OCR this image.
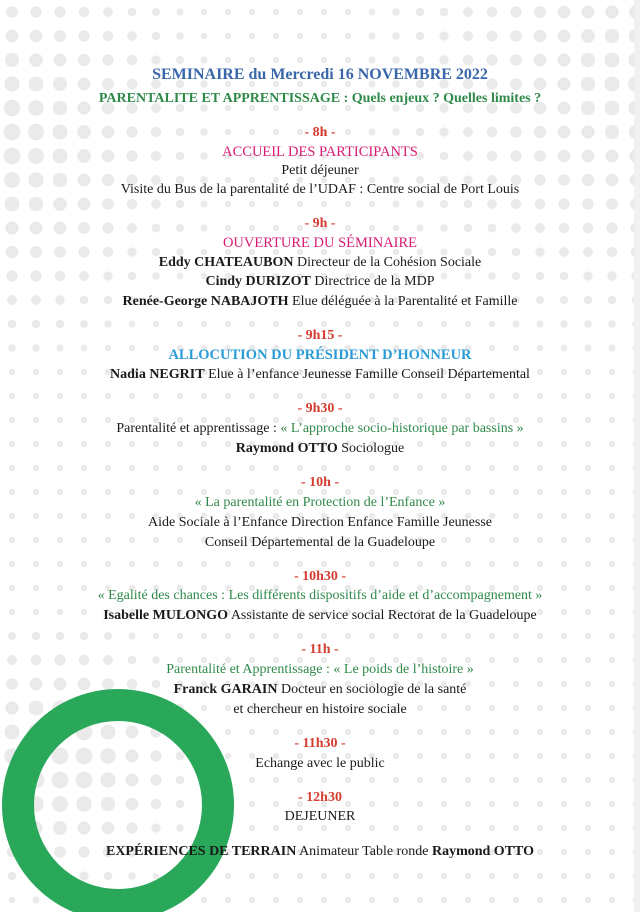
SEMINAIRE du Mercredi 16 NOVEMBRE 2022
PARENTALITE ET APPRENTISSAGE : Quels enjeux ? Quelles limites ?
- 8h -
ACCUEIL DES PARTICIPANTS
Petit déjeuner
Visite du Bus de la parentalité de l’UDAF : Centre social de Port Louis
- 9h -
OUVERTURE DU SÉMINAIRE
Eddy CHATEAUBON Directeur de la Cohésion Sociale
Cindy DURIZOT Directrice de la MDP
Renée-George NABAJOTH Elue déléguée à la Parentalité et Famille
- 9h15 -
ALLOCUTION DU PRÉSIDENT D’HONNEUR
Nadia NEGRIT Elue à l’enfance Jeunesse Famille Conseil Départemental
- 9h30 -
Parentalité et apprentissage : « L’approche socio-historique par bassins »
Raymond OTTO Sociologue
- 10h -
« La parentalité en Protection de l’Enfance »
Aide Sociale à l’Enfance Direction Enfance Famille Jeunesse
Conseil Départemental de la Guadeloupe
- 10h30 -
« Egalité des chances : Les différents dispositifs d’aide et d’accompagnement »
Isabelle MULONGO Assistante de service social Rectorat de la Guadeloupe
- 11h -
Parentalité et Apprentissage : « Le poids de l’histoire »
Franck GARAIN Docteur en sociologie de la santé
et chercheur en histoire sociale
- 11h30 -
Echange avec le public
- 12h30
DEJEUNER
EXPÉRIENCES DE TERRAIN Animateur Table ronde Raymond OTTO
